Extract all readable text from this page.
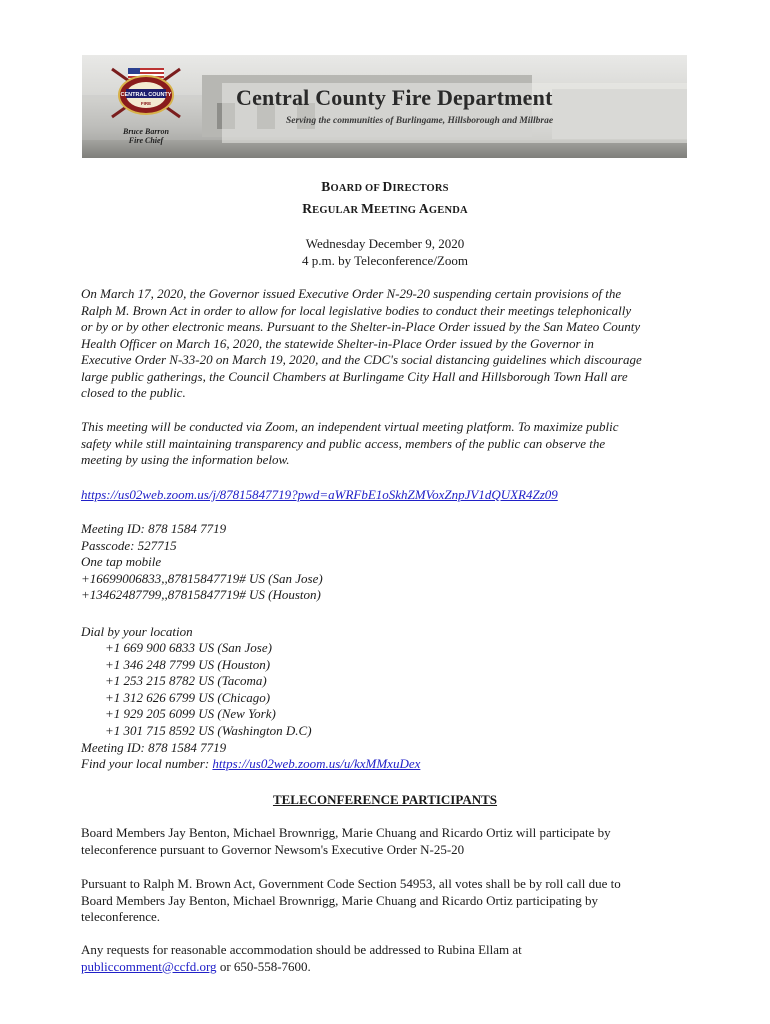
CENTRAL COUNTY
FIRE
Bruce Barron
Fire Chief
Central County Fire Department
Serving the communities of Burlingame, Hillsborough and Millbrae
BOARD OF DIRECTORS
REGULAR MEETING AGENDA
Wednesday December 9, 2020
4 p.m. by Teleconference/Zoom
On March 17, 2020, the Governor issued Executive Order N-29-20 suspending certain provisions of the
Ralph M. Brown Act in order to allow for local legislative bodies to conduct their meetings telephonically
or by or by other electronic means. Pursuant to the Shelter-in-Place Order issued by the San Mateo County
Health Officer on March 16, 2020, the statewide Shelter-in-Place Order issued by the Governor in
Executive Order N-33-20 on March 19, 2020, and the CDC's social distancing guidelines which discourage
large public gatherings, the Council Chambers at Burlingame City Hall and Hillsborough Town Hall are
closed to the public.
This meeting will be conducted via Zoom, an independent virtual meeting platform. To maximize public
safety while still maintaining transparency and public access, members of the public can observe the
meeting by using the information below.
https://us02web.zoom.us/j/87815847719?pwd=aWRFbE1oSkhZMVoxZnpJV1dQUXR4Zz09
Meeting ID: 878 1584 7719
Passcode: 527715
One tap mobile
+16699006833,,87815847719# US (San Jose)
+13462487799,,87815847719# US (Houston)
Dial by your location
+1 669 900 6833 US (San Jose)
+1 346 248 7799 US (Houston)
+1 253 215 8782 US (Tacoma)
+1 312 626 6799 US (Chicago)
+1 929 205 6099 US (New York)
+1 301 715 8592 US (Washington D.C)
Meeting ID: 878 1584 7719
Find your local number: https://us02web.zoom.us/u/kxMMxuDex
TELECONFERENCE PARTICIPANTS
Board Members Jay Benton, Michael Brownrigg, Marie Chuang and Ricardo Ortiz will participate by
teleconference pursuant to Governor Newsom's Executive Order N-25-20
Pursuant to Ralph M. Brown Act, Government Code Section 54953, all votes shall be by roll call due to
Board Members Jay Benton, Michael Brownrigg, Marie Chuang and Ricardo Ortiz participating by
teleconference.
Any requests for reasonable accommodation should be addressed to Rubina Ellam at
publiccomment@ccfd.org or 650-558-7600.
